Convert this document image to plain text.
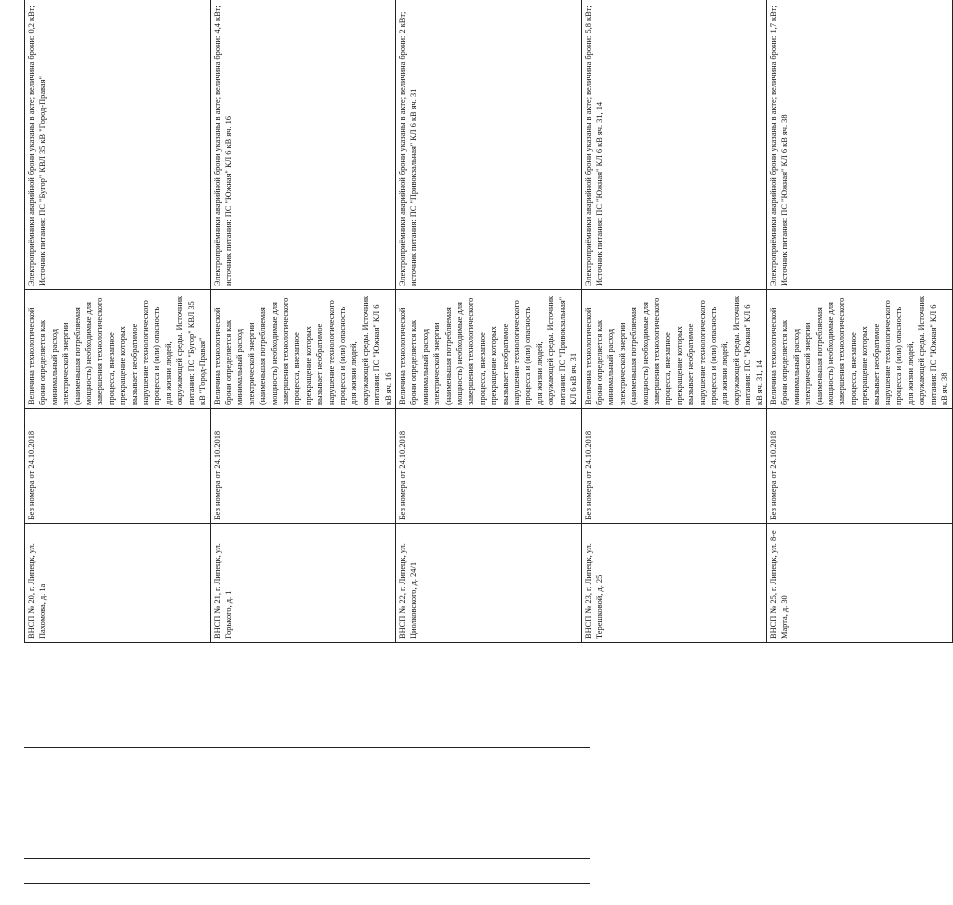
ВНСП № 20, г. Липецк, ул. Пахомова, д. 1а	Без номера от 24.10.2018	Величина технологической брони определяется как минимальный расход электрической энергии (наименьшая потребляемая мощность) необходимые для завершения технологического процесса, внезапное прекращение которых вызывает необратимое нарушение технологического процесса и (или) опасность для жизни людей, окружающей среды. Источник питания: ПС "Бугор" КВЛ 35 кВ "Город-Правая"	Электроприёмники аварийной брони указаны в акте; величина брони: 0,2 кВт; Источник питания: ПС "Бугор" КВЛ 35 кВ "Город-Правая"
ВНСП № 21, г. Липецк, ул. Горького, д. 1	Без номера от 24.10.2018	Величина технологической брони определяется как минимальный расход электрической энергии (наименьшая потребляемая мощность) необходимые для завершения технологического процесса, внезапное прекращение которых вызывает необратимое нарушение технологического процесса и (или) опасность для жизни людей, окружающей среды. Источник питания: ПС "Южная" КЛ 6 кВ яч. 16	Электроприёмники аварийной брони указаны в акте; величина брони: 4,4 кВт; источник питания: ПС "Южная" КЛ 6 кВ яч. 16
ВНСП № 22, г. Липецк, ул. Циолковского, д. 24/1	Без номера от 24.10.2018	Величина технологической брони определяется как минимальный расход электрической энергии (наименьшая потребляемая мощность) необходимые для завершения технологического процесса, внезапное прекращение которых вызывает необратимое нарушение технологического процесса и (или) опасность для жизни людей, окружающей среды. Источник питания: ПС "Привокзальная" КЛ 6 кВ яч. 31	Электроприёмники аварийной брони указаны в акте; величина брони: 2 кВт; источник питания: ПС "Привокзальная" КЛ 6 кВ яч. 31
ВНСП № 23, г. Липецк, ул. Терешковой, д. 25	Без номера от 24.10.2018	Величина технологической брони определяется как минимальный расход электрической энергии (наименьшая потребляемая мощность) необходимые для завершения технологического процесса, внезапное прекращение которых вызывает необратимое нарушение технологического процесса и (или) опасность для жизни людей, окружающей среды. Источник питания: ПС "Южная" КЛ 6 кВ яч. 31, 14	Электроприёмники аварийной брони указаны в акте; величина брони: 5,8 кВт; Источник питания: ПС "Южная" КЛ 6 кВ яч. 31, 14
ВНСП № 25, г. Липецк, ул. 8-е Марта, д. 30	Без номера от 24.10.2018	Величина технологической брони определяется как минимальный расход электрической энергии (наименьшая потребляемая мощность) необходимые для завершения технологического процесса, внезапное прекращение которых вызывает необратимое нарушение технологического процесса и (или) опасность для жизни людей, окружающей среды. Источник питания: ПС "Южная" КЛ 6 кВ яч. 38	Электроприёмники аварийной брони указаны в акте; величина брони: 1,7 кВт; Источник питания: ПС "Южная" КЛ 6 кВ яч. 38
